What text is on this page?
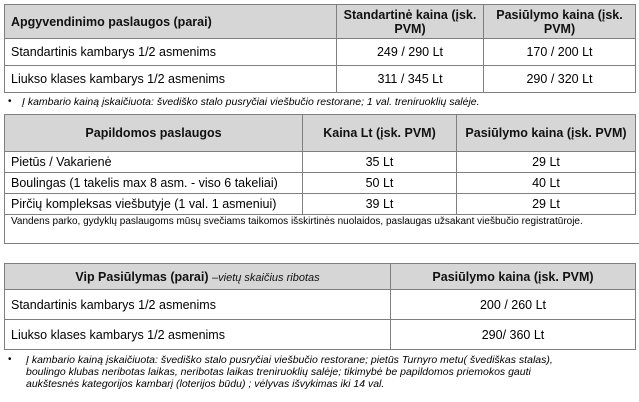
Apgyvendinimo paslaugos (parai)	Standartinė kaina (įsk. PVM)	Pasiūlymo kaina (įsk. PVM)
Standartinis kambarys 1/2 asmenims	249 / 290 Lt	170 / 200 Lt
Liukso klases kambarys 1/2 asmenims	311 / 345 Lt	290 / 320 Lt
• Į kambario kainą įskaičiuota: švediško stalo pusryčiai viešbučio restorane; 1 val. treniruoklių salėje.
Papildomos paslaugos	Kaina Lt (įsk. PVM)	Pasiūlymo kaina (įsk. PVM)
Pietūs / Vakarienė	35 Lt	29 Lt
Boulingas (1 takelis max 8 asm. - viso 6 takeliai)	50 Lt	40 Lt
Pirčių kompleksas viešbutyje (1 val. 1 asmeniui)	39 Lt	29 Lt
Vandens parko, gydyklų paslaugoms mūsų svečiams taikomos išskirtinės nuolaidos, paslaugas užsakant viešbučio registratūroje.
Vip Pasiūlymas (parai) –vietų skaičius ribotas	Pasiūlymo kaina (įsk. PVM)
Standartinis kambarys 1/2 asmenims	200 / 260 Lt
Liukso klases kambarys 1/2 asmenims	290/ 360 Lt
•	Į kambario kainą įskaičiuota: švediško stalo pusryčiai viešbučio restorane; pietūs Turnyro metu( švediškas stalas), boulingo klubas neribotas laikas, neribotas laikas treniruoklių salėje; tikimybė be papildomos priemokos gauti aukštesnės kategorijos kambarį (loterijos būdu) ; vėlyvas išvykimas iki 14 val.
